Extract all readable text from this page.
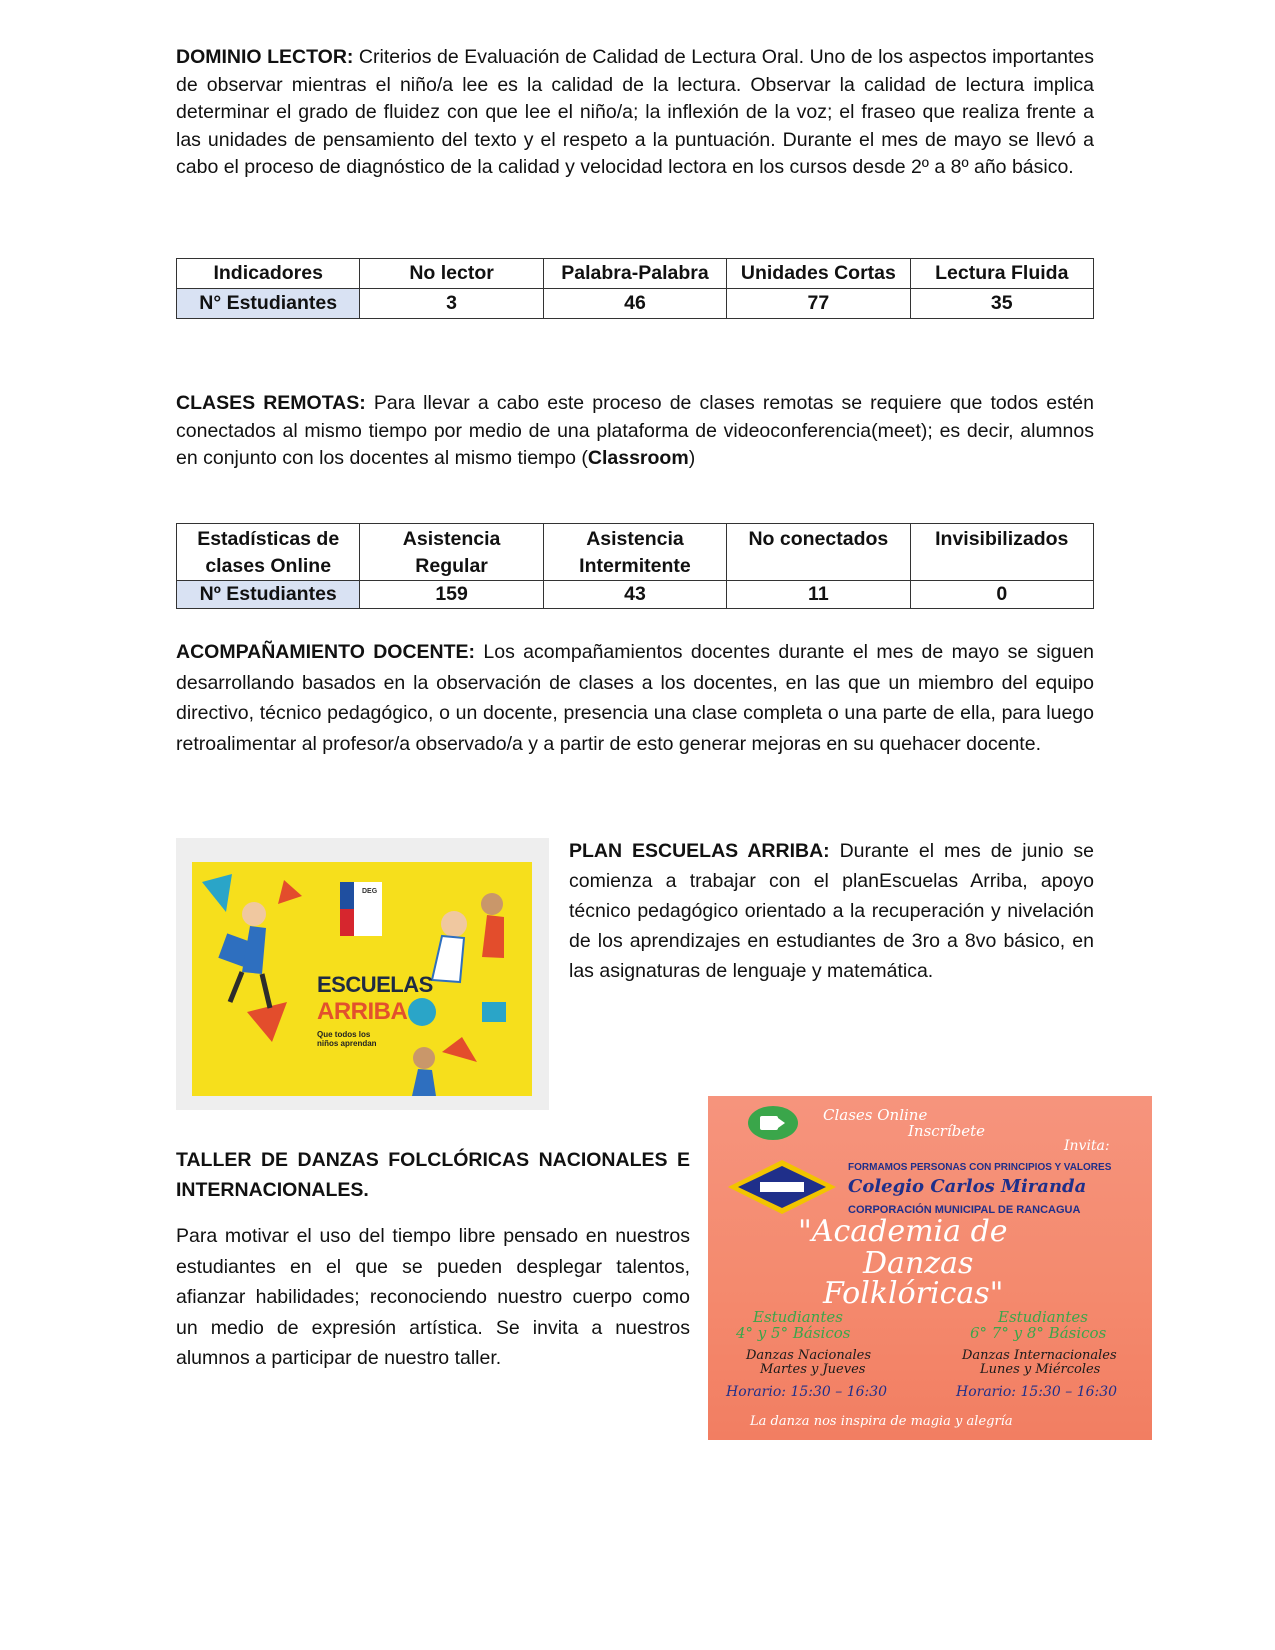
DOMINIO LECTOR: Criterios de Evaluación de Calidad de Lectura Oral. Uno de los aspectos importantes de observar mientras el niño/a lee es la calidad de la lectura. Observar la calidad de lectura implica determinar el grado de fluidez con que lee el niño/a; la inflexión de la voz; el fraseo que realiza frente a las unidades de pensamiento del texto y el respeto a la puntuación. Durante el mes de mayo se llevó a cabo el proceso de diagnóstico de la calidad y velocidad lectora en los cursos desde 2º a 8º año básico.

Indicadores	No lector	Palabra-Palabra	Unidades Cortas	Lectura Fluida
N° Estudiantes	3	46	77	35

CLASES REMOTAS: Para llevar a cabo este proceso de clases remotas se requiere que todos estén conectados al mismo tiempo por medio de una plataforma de videoconferencia(meet); es decir, alumnos en conjunto con los docentes al mismo tiempo (Classroom)

Estadísticas de clases Online	Asistencia Regular	Asistencia Intermitente	No conectados	Invisibilizados
Nº Estudiantes	159	43	11	0

ACOMPAÑAMIENTO DOCENTE: Los acompañamientos docentes durante el mes de mayo se siguen desarrollando basados en la observación de clases a los docentes, en las que un miembro del equipo directivo, técnico pedagógico, o un docente, presencia una clase completa o una parte de ella, para luego retroalimentar al profesor/a observado/a y a partir de esto generar mejoras en su quehacer docente.

ESCUELAS
ARRIBA
Que todos los niños aprendan
DEG

PLAN ESCUELAS ARRIBA: Durante el mes de junio se comienza a trabajar con el planEscuelas Arriba, apoyo técnico pedagógico orientado a la recuperación y nivelación de los aprendizajes en estudiantes de 3ro a 8vo básico, en las asignaturas de lenguaje y matemática.

TALLER DE DANZAS FOLCLÓRICAS NACIONALES E INTERNACIONALES.

Para motivar el uso del tiempo libre pensado en nuestros estudiantes en el que se pueden desplegar talentos, afianzar habilidades; reconociendo nuestro cuerpo como un medio de expresión artística. Se invita a nuestros alumnos a participar de nuestro taller.

Clases Online
Inscríbete
Invita:
FORMAMOS PERSONAS CON PRINCIPIOS Y VALORES
Colegio Carlos Miranda
CORPORACIÓN MUNICIPAL DE RANCAGUA
"Academia de
Danzas
Folklóricas"
Estudiantes
4° y 5° Básicos
Estudiantes
6° 7° y 8° Básicos
Danzas Nacionales
Martes y Jueves
Danzas Internacionales
Lunes y Miércoles
Horario: 15:30 – 16:30	Horario: 15:30 – 16:30
La danza nos inspira de magia y alegría
